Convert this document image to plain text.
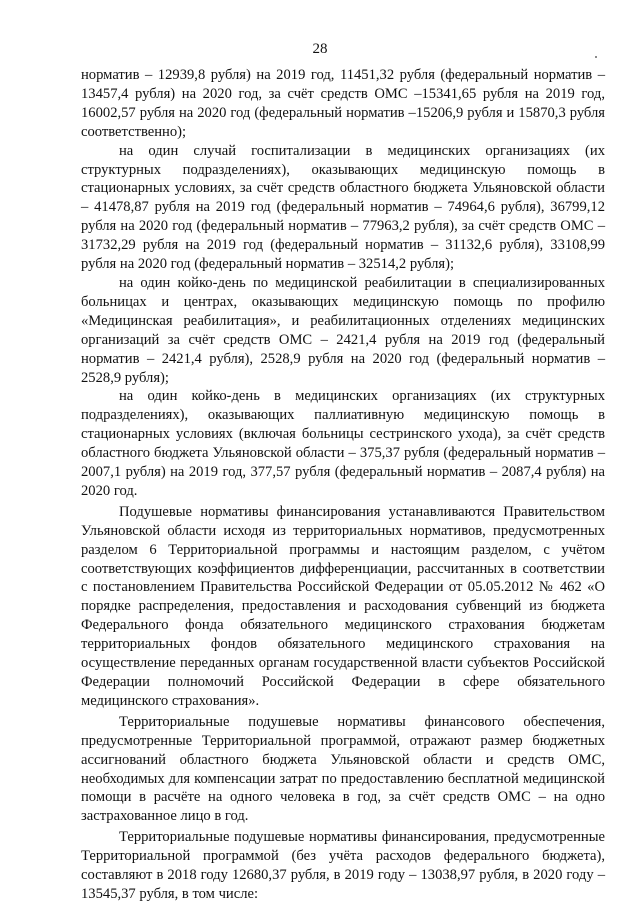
28

норматив – 12939,8 рубля) на 2019 год, 11451,32 рубля (федеральный норматив – 13457,4 рубля) на 2020 год, за счёт средств ОМС –15341,65 рубля на 2019 год, 16002,57 рубля на 2020 год (федеральный норматив –15206,9 рубля и 15870,3 рубля соответственно);

на один случай госпитализации в медицинских организациях (их структурных подразделениях), оказывающих медицинскую помощь в стационарных условиях, за счёт средств областного бюджета Ульяновской области – 41478,87 рубля на 2019 год (федеральный норматив – 74964,6 рубля), 36799,12 рубля на 2020 год (федеральный норматив – 77963,2 рубля), за счёт средств ОМС – 31732,29 рубля на 2019 год (федеральный норматив – 31132,6 рубля), 33108,99 рубля на 2020 год (федеральный норматив – 32514,2 рубля);

на один койко-день по медицинской реабилитации в специализированных больницах и центрах, оказывающих медицинскую помощь по профилю «Медицинская реабилитация», и реабилитационных отделениях медицинских организаций за счёт средств ОМС – 2421,4 рубля на 2019 год (федеральный норматив – 2421,4 рубля), 2528,9 рубля на 2020 год (федеральный норматив – 2528,9 рубля);

на один койко-день в медицинских организациях (их структурных подразделениях), оказывающих паллиативную медицинскую помощь в стационарных условиях (включая больницы сестринского ухода), за счёт средств областного бюджета Ульяновской области – 375,37 рубля (федеральный норматив – 2007,1 рубля) на 2019 год, 377,57 рубля (федеральный норматив – 2087,4 рубля) на 2020 год.

Подушевые нормативы финансирования устанавливаются Правительством Ульяновской области исходя из территориальных нормативов, предусмотренных разделом 6 Территориальной программы и настоящим разделом, с учётом соответствующих коэффициентов дифференциации, рассчитанных в соответствии с постановлением Правительства Российской Федерации от 05.05.2012 № 462 «О порядке распределения, предоставления и расходования субвенций из бюджета Федерального фонда обязательного медицинского страхования бюджетам территориальных фондов обязательного медицинского страхования на осуществление переданных органам государственной власти субъектов Российской Федерации полномочий Российской Федерации в сфере обязательного медицинского страхования».

Территориальные подушевые нормативы финансового обеспечения, предусмотренные Территориальной программой, отражают размер бюджетных ассигнований областного бюджета Ульяновской области и средств ОМС, необходимых для компенсации затрат по предоставлению бесплатной медицинской помощи в расчёте на одного человека в год, за счёт средств ОМС – на одно застрахованное лицо в год.

Территориальные подушевые нормативы финансирования, предусмотренные Территориальной программой (без учёта расходов федерального бюджета), составляют в 2018 году 12680,37 рубля, в 2019 году – 13038,97 рубля, в 2020 году – 13545,37 рубля, в том числе:
